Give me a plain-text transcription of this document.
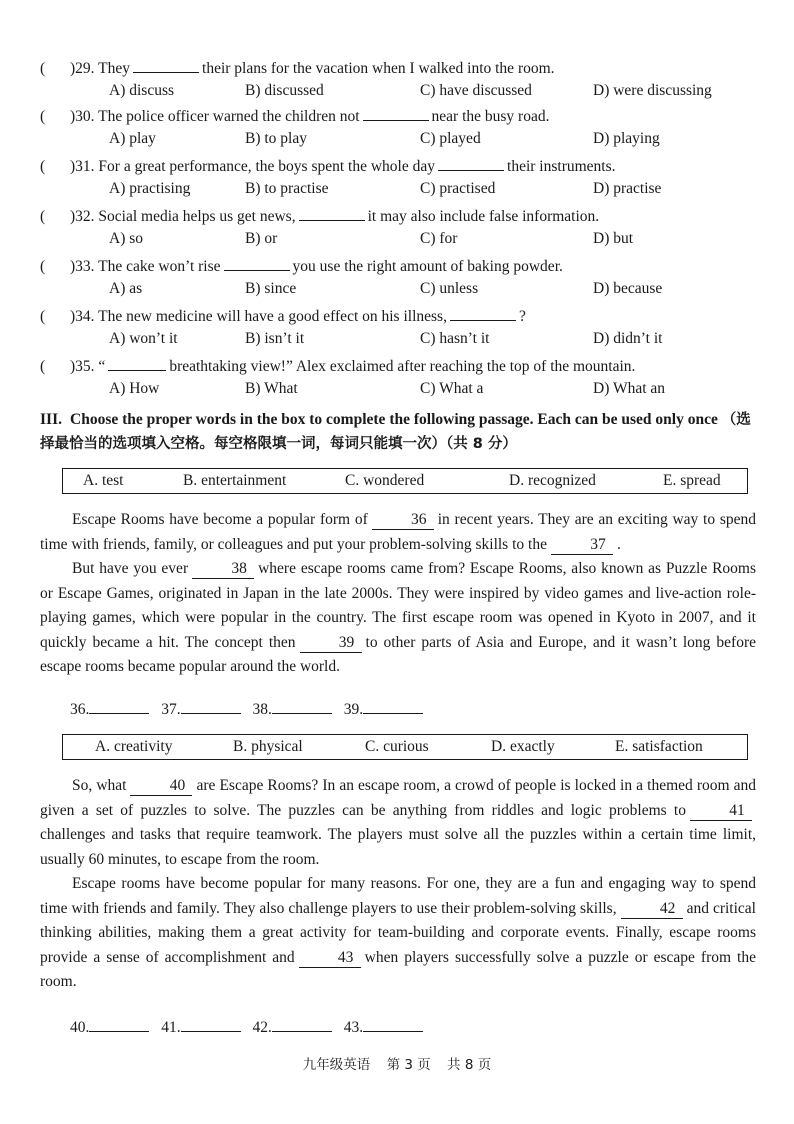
( )29. They	their plans for the vacation when I walked into the room.
A) discuss	B) discussed	C) have discussed	D) were discussing
( )30. The police officer warned the children not	near the busy road.
A) play	B) to play	C) played	D) playing
( )31. For a great performance, the boys spent the whole day	their instruments.
A) practising	B) to practise	C) practised	D) practise
( )32. Social media helps us get news,	it may also include false information.
A) so	B) or	C) for	D) but
( )33. The cake won’t rise	you use the right amount of baking powder.
A) as	B) since	C) unless	D) because
( )34. The new medicine will have a good effect on his illness,	?
A) won’t it	B) isn’t it	C) hasn’t it	D) didn’t it
( )35. “	breathtaking view!” Alex exclaimed after reaching the top of the mountain.
A) How	B) What	C) What a	D) What an
III. Choose the proper words in the box to complete the following passage. Each can be used only once （选择最恰当的选项填入空格。每空格限填一词，每词只能填一次）（共 8 分）
A. test	B. entertainment	C. wondered	D. recognized	E. spread

Escape Rooms have become a popular form of	36 in recent years. They are an exciting way to spend time with friends, family, or colleagues and put your problem-solving skills to the	37 .

But have you ever	38 where escape rooms came from? Escape Rooms, also known as Puzzle Rooms or Escape Games, originated in Japan in the late 2000s. They were inspired by video games and live-action role-playing games, which were popular in the country. The first escape room was opened in Kyoto in 2007, and it quickly became a hit. The concept then	39 to other parts of Asia and Europe, and it wasn’t long before escape rooms became popular around the world.

36.	37.	38.	39.
A. creativity	B. physical	C. curious	D. exactly	E. satisfaction

So, what	40 are Escape Rooms? In an escape room, a crowd of people is locked in a themed room and given a set of puzzles to solve. The puzzles can be anything from riddles and logic problems to	41challenges and tasks that require teamwork. The players must solve all the puzzles within a certain time limit, usually 60 minutes, to escape from the room.

Escape rooms have become popular for many reasons. For one, they are a fun and engaging way to spend time with friends and family. They also challenge players to use their problem-solving skills,	42 and critical thinking abilities, making them a great activity for team-building and corporate events. Finally, escape rooms provide a sense of accomplishment and	43 when players successfully solve a puzzle or escape from the room.

40.	41.	42.	43.
九年级英语 第 3 页 共 8 页
